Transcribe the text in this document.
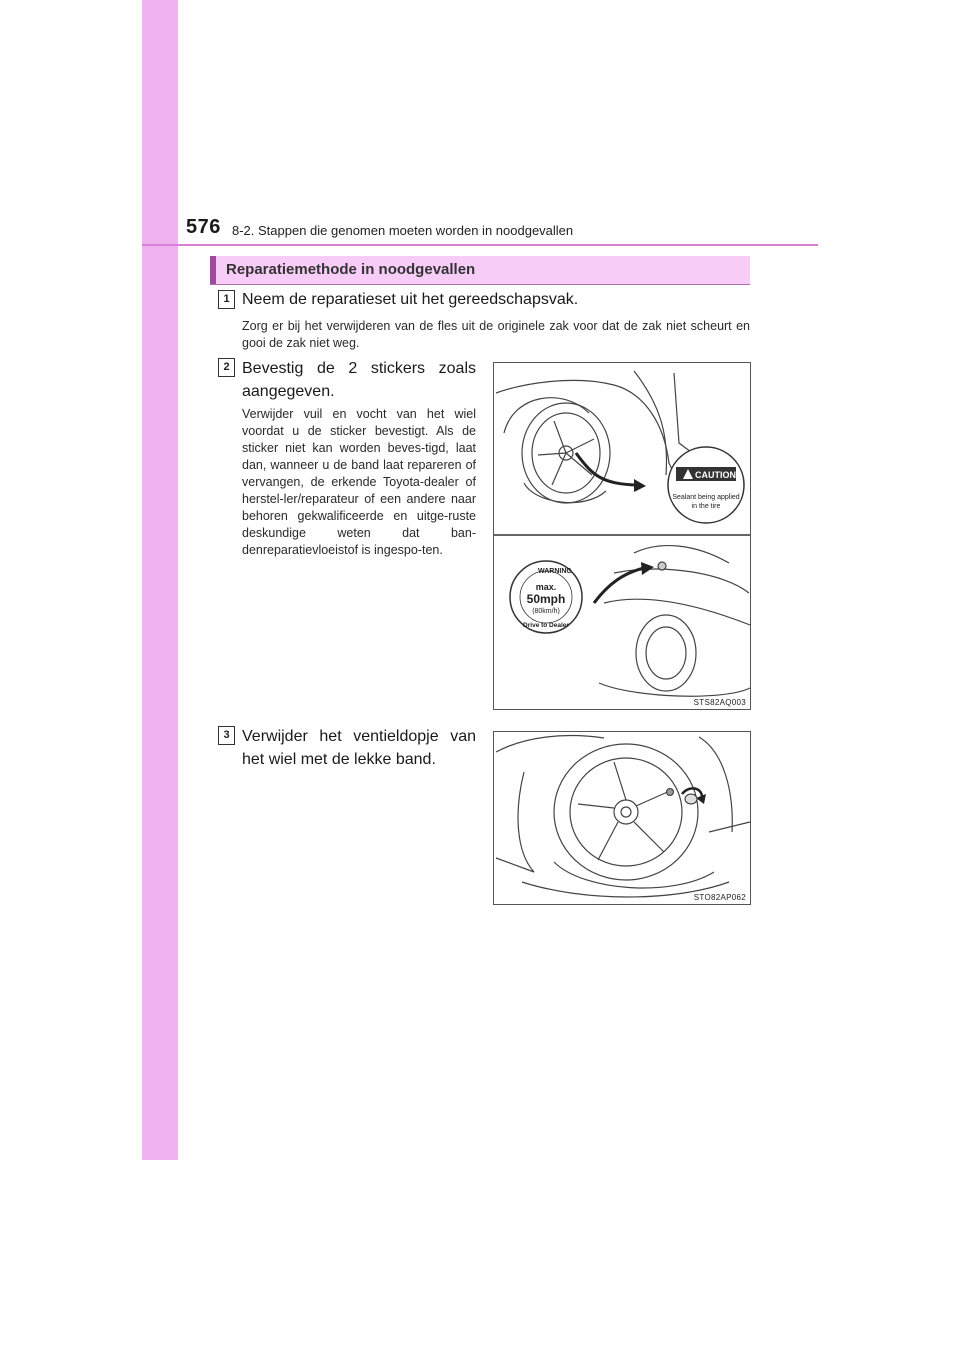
576 8-2. Stappen die genomen moeten worden in noodgevallen
Reparatiemethode in noodgevallen
1 Neem de reparatieset uit het gereedschapsvak.
Zorg er bij het verwijderen van de fles uit de originele zak voor dat de zak niet scheurt en gooi de zak niet weg.
2 Bevestig de 2 stickers zoals aangegeven.
Verwijder vuil en vocht van het wiel voordat u de sticker bevestigt. Als de sticker niet kan worden beves-tigd, laat dan, wanneer u de band laat repareren of vervangen, de erkende Toyota-dealer of herstel-ler/reparateur of een andere naar behoren gekwalificeerde en uitge-ruste deskundige weten dat ban-denreparatievloeistof is ingespo-ten.
CAUTION
Sealant being applied
in the tire
WARNING
max.
50mph
(80km/h)
Drive to Dealer
STS82AQ003
3 Verwijder het ventieldopje van het wiel met de lekke band.
STO82AP062
